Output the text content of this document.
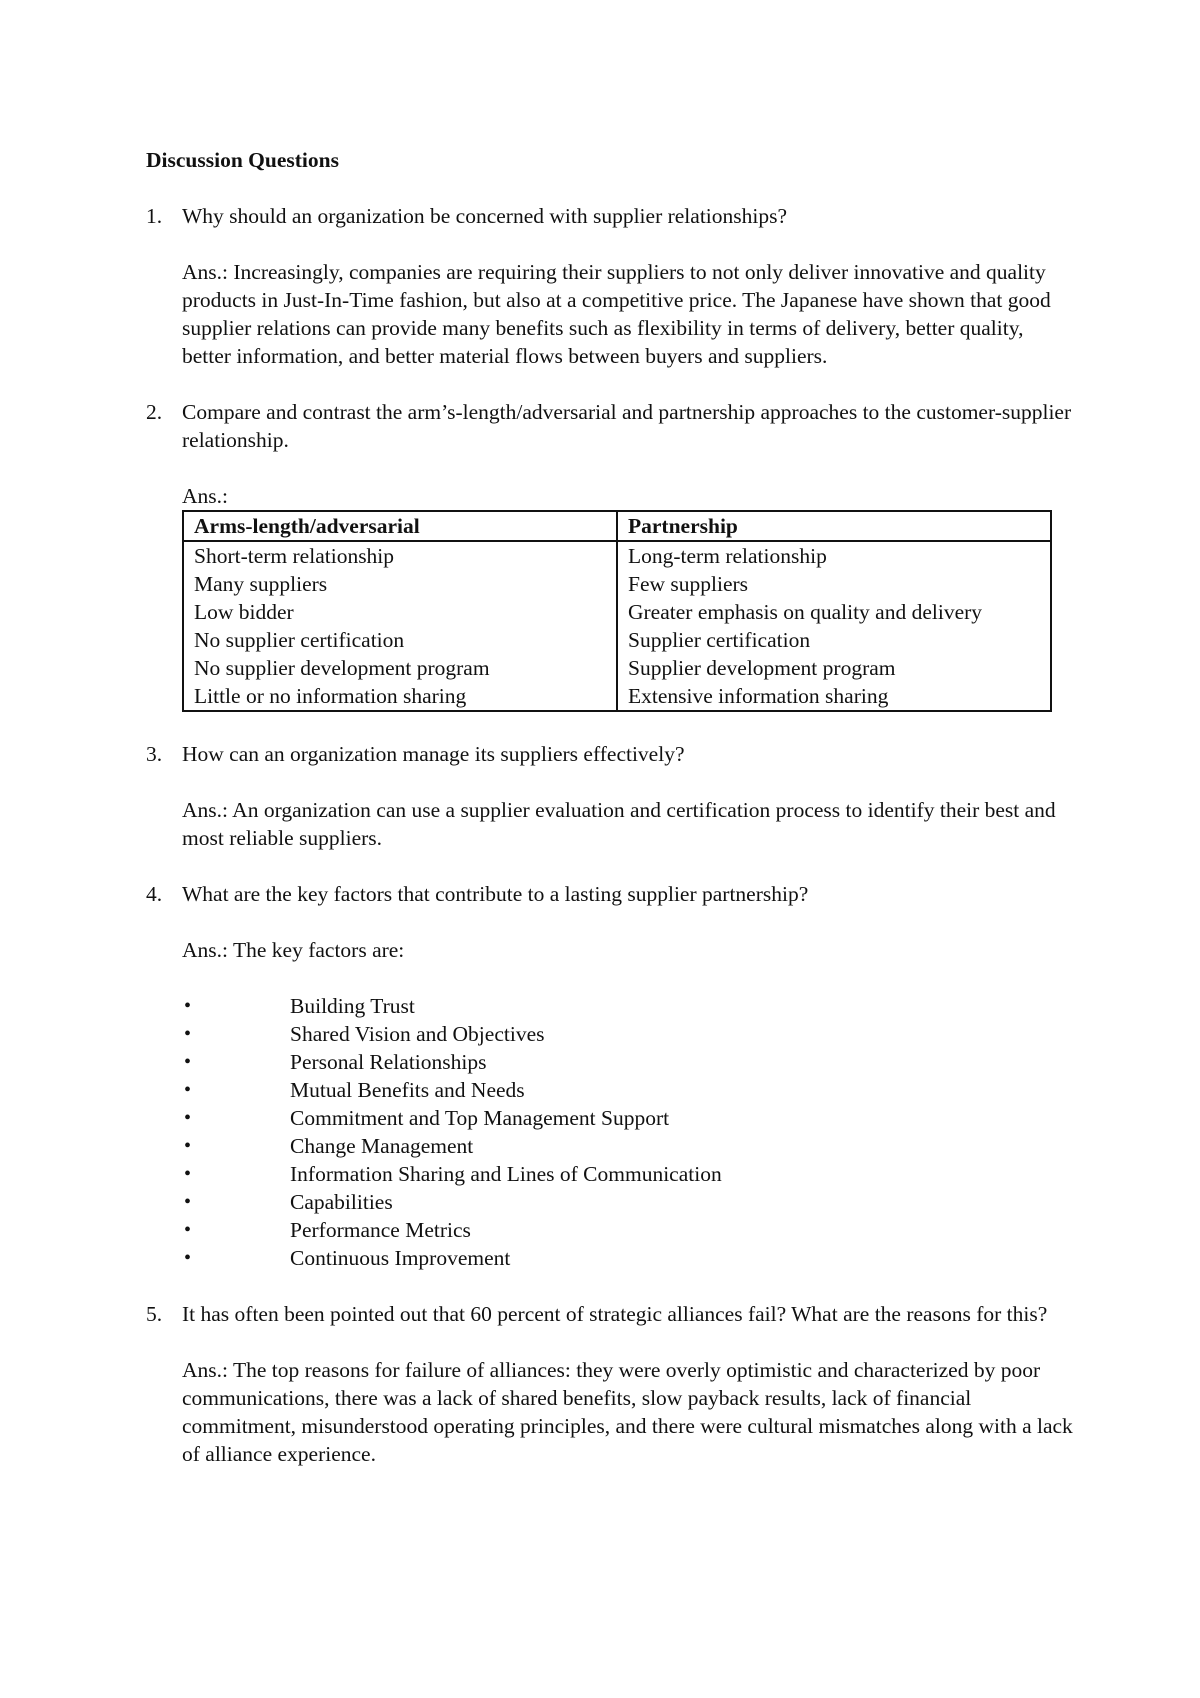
Discussion Questions
1. Why should an organization be concerned with supplier relationships?
Ans.: Increasingly, companies are requiring their suppliers to not only deliver innovative and quality products in Just-In-Time fashion, but also at a competitive price. The Japanese have shown that good supplier relations can provide many benefits such as flexibility in terms of delivery, better quality, better information, and better material flows between buyers and suppliers.
2. Compare and contrast the arm’s-length/adversarial and partnership approaches to the customer-supplier relationship.
Ans.:
Arms-length/adversarial	Partnership
Short-term relationship	Long-term relationship
Many suppliers	Few suppliers
Low bidder	Greater emphasis on quality and delivery
No supplier certification	Supplier certification
No supplier development program	Supplier development program
Little or no information sharing	Extensive information sharing
3. How can an organization manage its suppliers effectively?
Ans.: An organization can use a supplier evaluation and certification process to identify their best and most reliable suppliers.
4. What are the key factors that contribute to a lasting supplier partnership?
Ans.: The key factors are:
•	Building Trust
•	Shared Vision and Objectives
•	Personal Relationships
•	Mutual Benefits and Needs
•	Commitment and Top Management Support
•	Change Management
•	Information Sharing and Lines of Communication
•	Capabilities
•	Performance Metrics
•	Continuous Improvement
5. It has often been pointed out that 60 percent of strategic alliances fail? What are the reasons for this?
Ans.: The top reasons for failure of alliances: they were overly optimistic and characterized by poor communications, there was a lack of shared benefits, slow payback results, lack of financial commitment, misunderstood operating principles, and there were cultural mismatches along with a lack of alliance experience.
